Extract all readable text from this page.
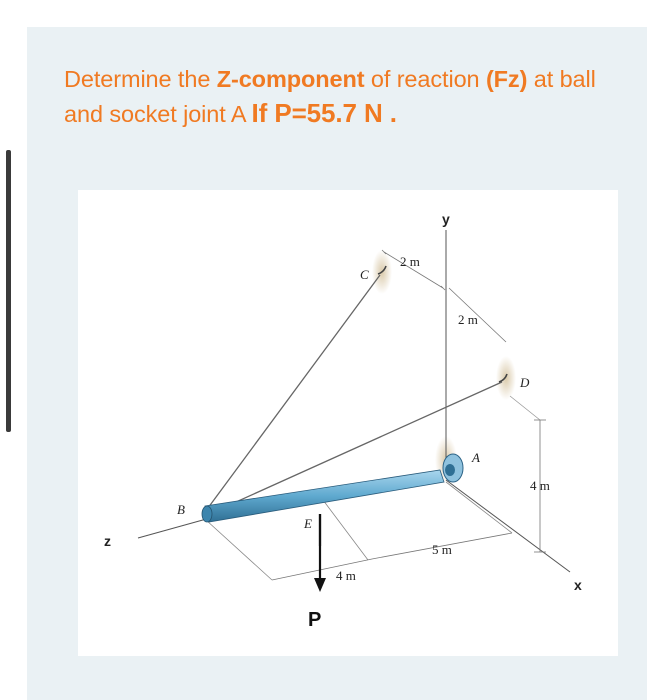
Determine the Z-component of reaction (Fz) at ball and socket joint A If P=55.7 N .
y
z
x
A
B
C
D
E
P
2 m
2 m
4 m
4 m
5 m
